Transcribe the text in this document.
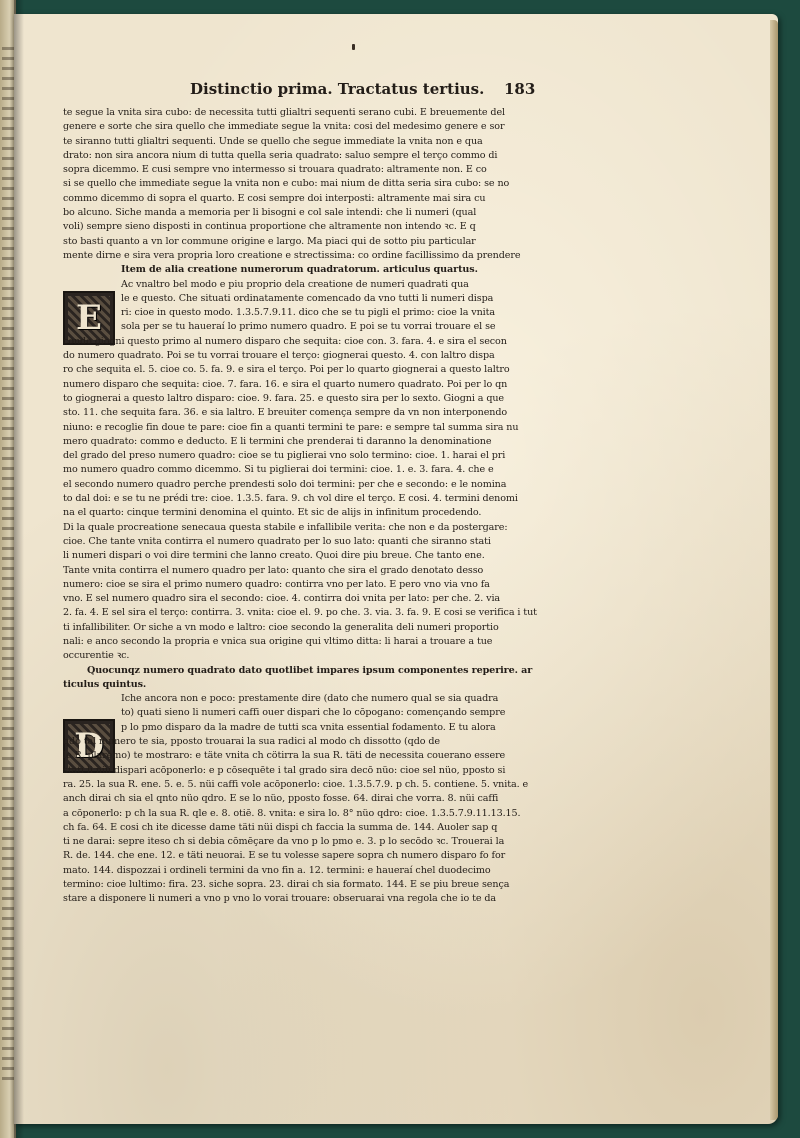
Distinctio prima. Tractatus tertius. 183
E
D
te segue la vnita sira cubo: de necessita tutti glialtri sequenti serano cubi. E breuemente del
genere e sorte che sira quello che immediate segue la vnita: cosi del medesimo genere e sor
te siranno tutti glialtri sequenti. Unde se quello che segue immediate la vnita non e qua
drato: non sira ancora nium di tutta quella seria quadrato: saluo sempre el terço commo di
sopra dicemmo. E cusi sempre vno intermesso si trouara quadrato: altramente non. E co
si se quello che immediate segue la vnita non e cubo: mai nium de ditta seria sira cubo: se no
commo dicemmo di sopra el quarto. E cosi sempre doi interposti: altramente mai sira cu
bo alcuno. Siche manda a memoria per li bisogni e col sale intendi: che li numeri (qual
voli) sempre sieno disposti in continua proportione che altramente non intendo ꝛc. E q
sto basti quanto a vn lor commune origine e largo. Ma piaci qui de sotto piu particular
mente dirne e sira vera propria loro creatione e strectissima: co ordine facillissimo da prendere
Item de alia creatione numerorum quadratorum. articulus quartus.
Ac vnaltro bel modo e piu proprio dela creatione de numeri quadrati qua
le e questo. Che situati ordinatamente comencado da vno tutti li numeri dispa
ri: cioe in questo modo. 1.3.5.7.9.11. dico che se tu pigli el primo: cioe la vnita
sola per se tu haueraí lo primo numero quadro. E poi se tu vorrai trouare el se
condo giogni questo primo al numero disparo che sequita: cioe con. 3. fara. 4. e sira el secon
do numero quadrato. Poi se tu vorrai trouare el terço: giognerai questo. 4. con laltro dispa
ro che sequita el. 5. cioe co. 5. fa. 9. e sira el terço. Poi per lo quarto giognerai a questo laltro
numero disparo che sequita: cioe. 7. fara. 16. e sira el quarto numero quadrato. Poi per lo qn
to giognerai a questo laltro disparo: cioe. 9. fara. 25. e questo sira per lo sexto. Giogni a que
sto. 11. che sequita fara. 36. e sia laltro. E breuiter comença sempre da vn non interponendo
niuno: e recoglie fin doue te pare: cioe fin a quanti termini te pare: e sempre tal summa sira nu
mero quadrato: commo e deducto. E li termini che prenderai ti daranno la denominatione
del grado del preso numero quadro: cioe se tu piglierai vno solo termino: cioe. 1. harai el pri
mo numero quadro commo dicemmo. Si tu piglierai doi termini: cioe. 1. e. 3. fara. 4. che e
el secondo numero quadro perche prendesti solo doi termini: per che e secondo: e le nomina
to dal doi: e se tu ne prédi tre: cioe. 1.3.5. fara. 9. ch vol dire el terço. E cosi. 4. termini denomi
na el quarto: cinque termini denomina el quinto. Et sic de alijs in infinitum procedendo.
Di la quale procreatione senecaua questa stabile e infallibile verita: che non e da postergare:
cioe. Che tante vnita contirra el numero quadrato per lo suo lato: quanti che siranno stati
li numeri dispari o voi dire termini che lanno creato. Quoi dire piu breue. Che tanto ene.
Tante vnita contirra el numero quadro per lato: quanto che sira el grado denotato desso
numero: cioe se sira el primo numero quadro: contirra vno per lato. E pero vno via vno fa
vno. E sel numero quadro sira el secondo: cioe. 4. contirra doi vnita per lato: per che. 2. via
2. fa. 4. E sel sira el terço: contirra. 3. vnita: cioe el. 9. po che. 3. via. 3. fa. 9. E cosi se verifica i tut
ti infallibiliter. Or siche a vn modo e laltro: cioe secondo la generalita deli numeri proportio
nali: e anco secondo la propria e vnica sua origine qui vltimo ditta: li harai a trouare a tue
occurentie ꝛc.
Quocunqz numero quadrato dato quotlibet impares ipsum componentes reperire. ar
ticulus quintus.
Iche ancora non e poco: prestamente dire (dato che numero qual se sia quadra
to) quati sieno li numeri caffi ouer dispari che lo cōpogano: començando sempre
p lo pmo disparo da la madre de tutti sca vnita essential fodamento. E tu alora
qdo tal numero te sia, pposto trouarai la sua radici al modo ch dissotto (qdo de
le R. plaremo) te mostraro: e täte vnita ch cötirra la sua R. täti de necessita couerano essere
stati li nüi dispari acōponerlo: e p cōsequēte i tal grado sira decō nüo: cioe sel nüo, pposto si
ra. 25. la sua R. ene. 5. e. 5. nüi caffi vole acōponerlo: cioe. 1.3.5.7.9. p ch. 5. contiene. 5. vnita. e
anch dirai ch sia el qnto nüo qdro. E se lo nüo, pposto fosse. 64. dirai che vorra. 8. nüi caffi
a cōponerlo: p ch la sua R. qle e. 8. otiē. 8. vnita: e sira lo. 8° nüo qdro: cioe. 1.3.5.7.9.11.13.15.
ch fa. 64. E cosi ch ite dicesse dame täti nüi dispi ch faccia la summa de. 144. Auoler sap q
ti ne darai: sepre iteso ch si debia cōmēçare da vno p lo pmo e. 3. p lo secōdo ꝛc. Trouerai la
R. de. 144. che ene. 12. e täti neuorai. E se tu volesse sapere sopra ch numero disparo fo for
mato. 144. dispozzai i ordineli termini da vno fin a. 12. termini: e haueraí chel duodecimo
termino: cioe lultimo: fira. 23. siche sopra. 23. dirai ch sia formato. 144. E se piu breue sença
stare a disponere li numeri a vno p vno lo vorai trouare: obseruarai vna regola che io te da
